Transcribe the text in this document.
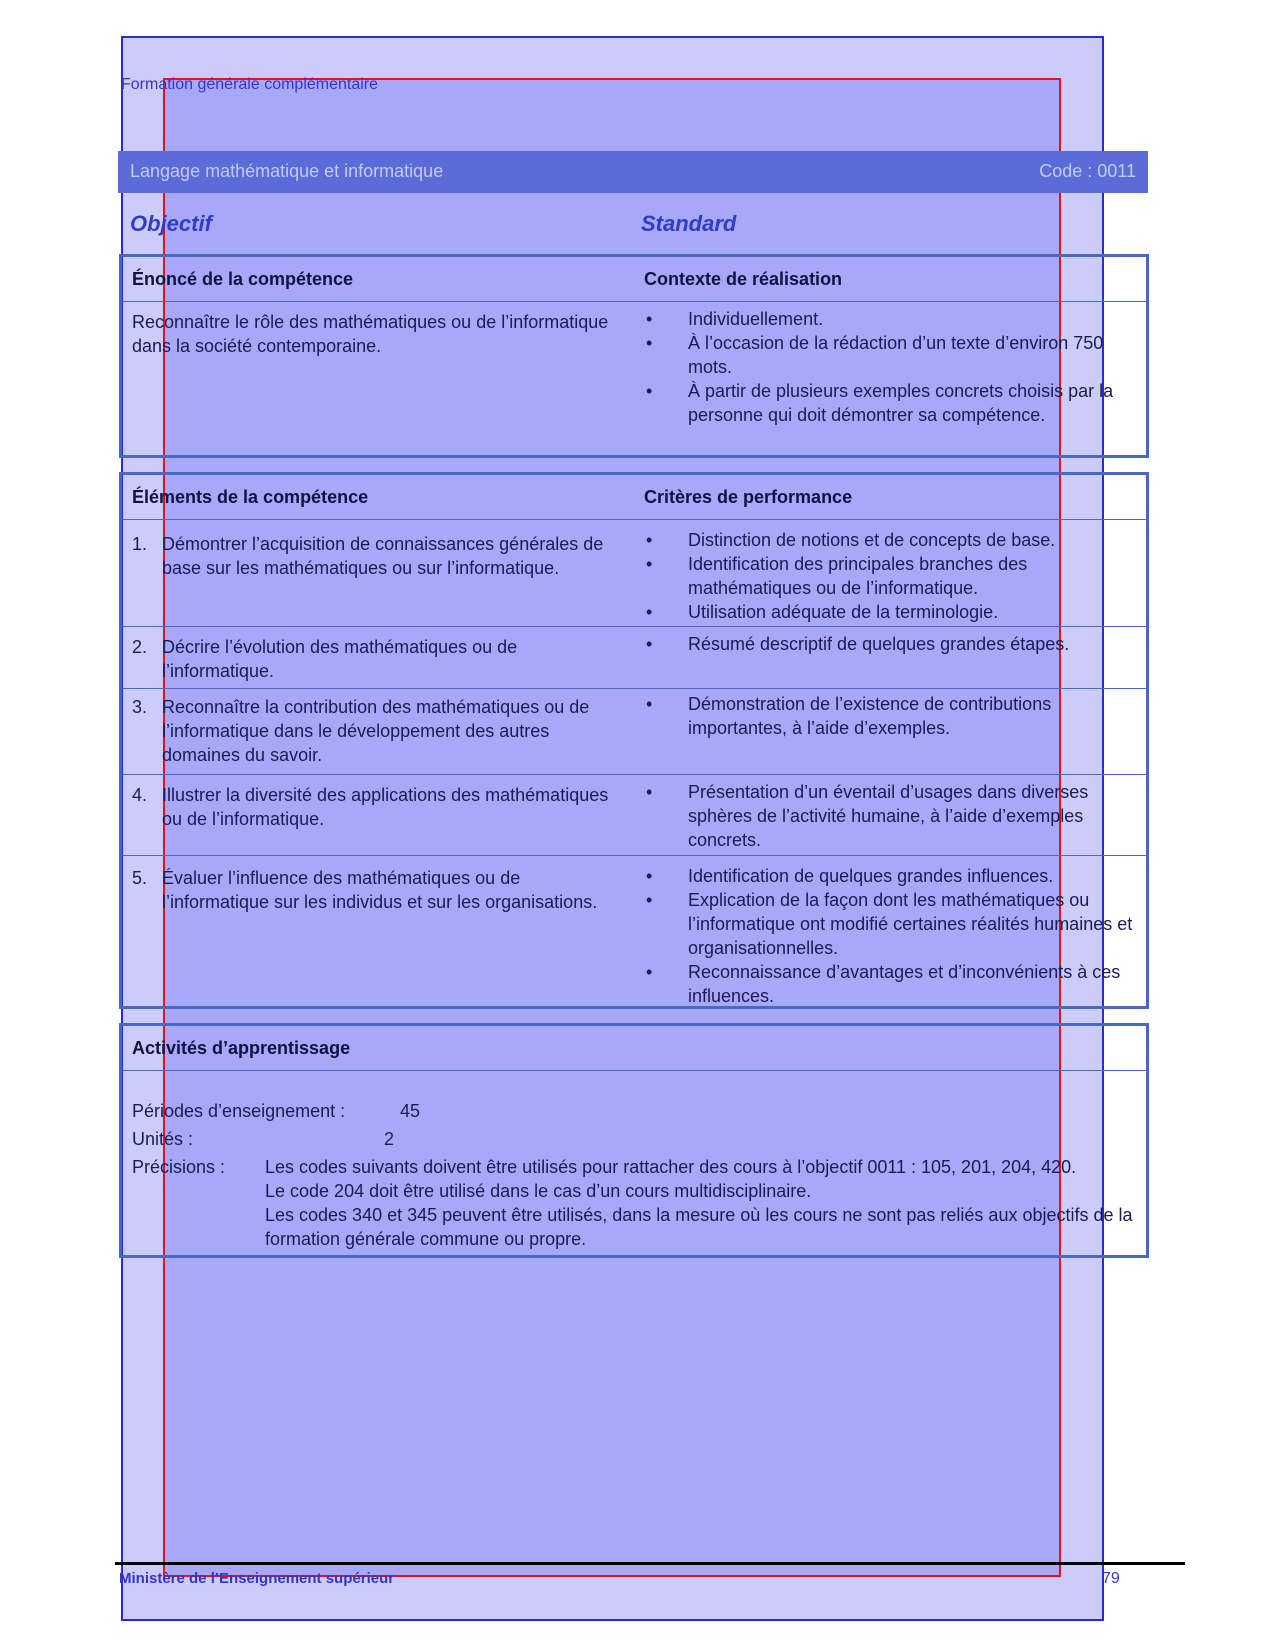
Formation générale complémentaire
Langage mathématique et informatique	Code : 0011
Objectif	Standard
Énoncé de la compétence	Contexte de réalisation
Reconnaître le rôle des mathématiques ou de l’informatique dans la société contemporaine.
• Individuellement.
• À l’occasion de la rédaction d’un texte d’environ 750 mots.
• À partir de plusieurs exemples concrets choisis par la personne qui doit démontrer sa compétence.
Éléments de la compétence	Critères de performance
1. Démontrer l’acquisition de connaissances générales de base sur les mathématiques ou sur l’informatique.
• Distinction de notions et de concepts de base.
• Identification des principales branches des mathématiques ou de l’informatique.
• Utilisation adéquate de la terminologie.
2. Décrire l’évolution des mathématiques ou de l’informatique.
• Résumé descriptif de quelques grandes étapes.
3. Reconnaître la contribution des mathématiques ou de l’informatique dans le développement des autres domaines du savoir.
• Démonstration de l’existence de contributions importantes, à l’aide d’exemples.
4. Illustrer la diversité des applications des mathématiques ou de l’informatique.
• Présentation d’un éventail d’usages dans diverses sphères de l’activité humaine, à l’aide d’exemples concrets.
5. Évaluer l’influence des mathématiques ou de l’informatique sur les individus et sur les organisations.
• Identification de quelques grandes influences.
• Explication de la façon dont les mathématiques ou l’informatique ont modifié certaines réalités humaines et organisationnelles.
• Reconnaissance d’avantages et d’inconvénients à ces influences.
Activités d’apprentissage
Périodes d’enseignement :	45
Unités :	2
Précisions : Les codes suivants doivent être utilisés pour rattacher des cours à l’objectif 0011 : 105, 201, 204, 420.
Le code 204 doit être utilisé dans le cas d’un cours multidisciplinaire.
Les codes 340 et 345 peuvent être utilisés, dans la mesure où les cours ne sont pas reliés aux objectifs de la formation générale commune ou propre.
Ministère de l’Enseignement supérieur	79
